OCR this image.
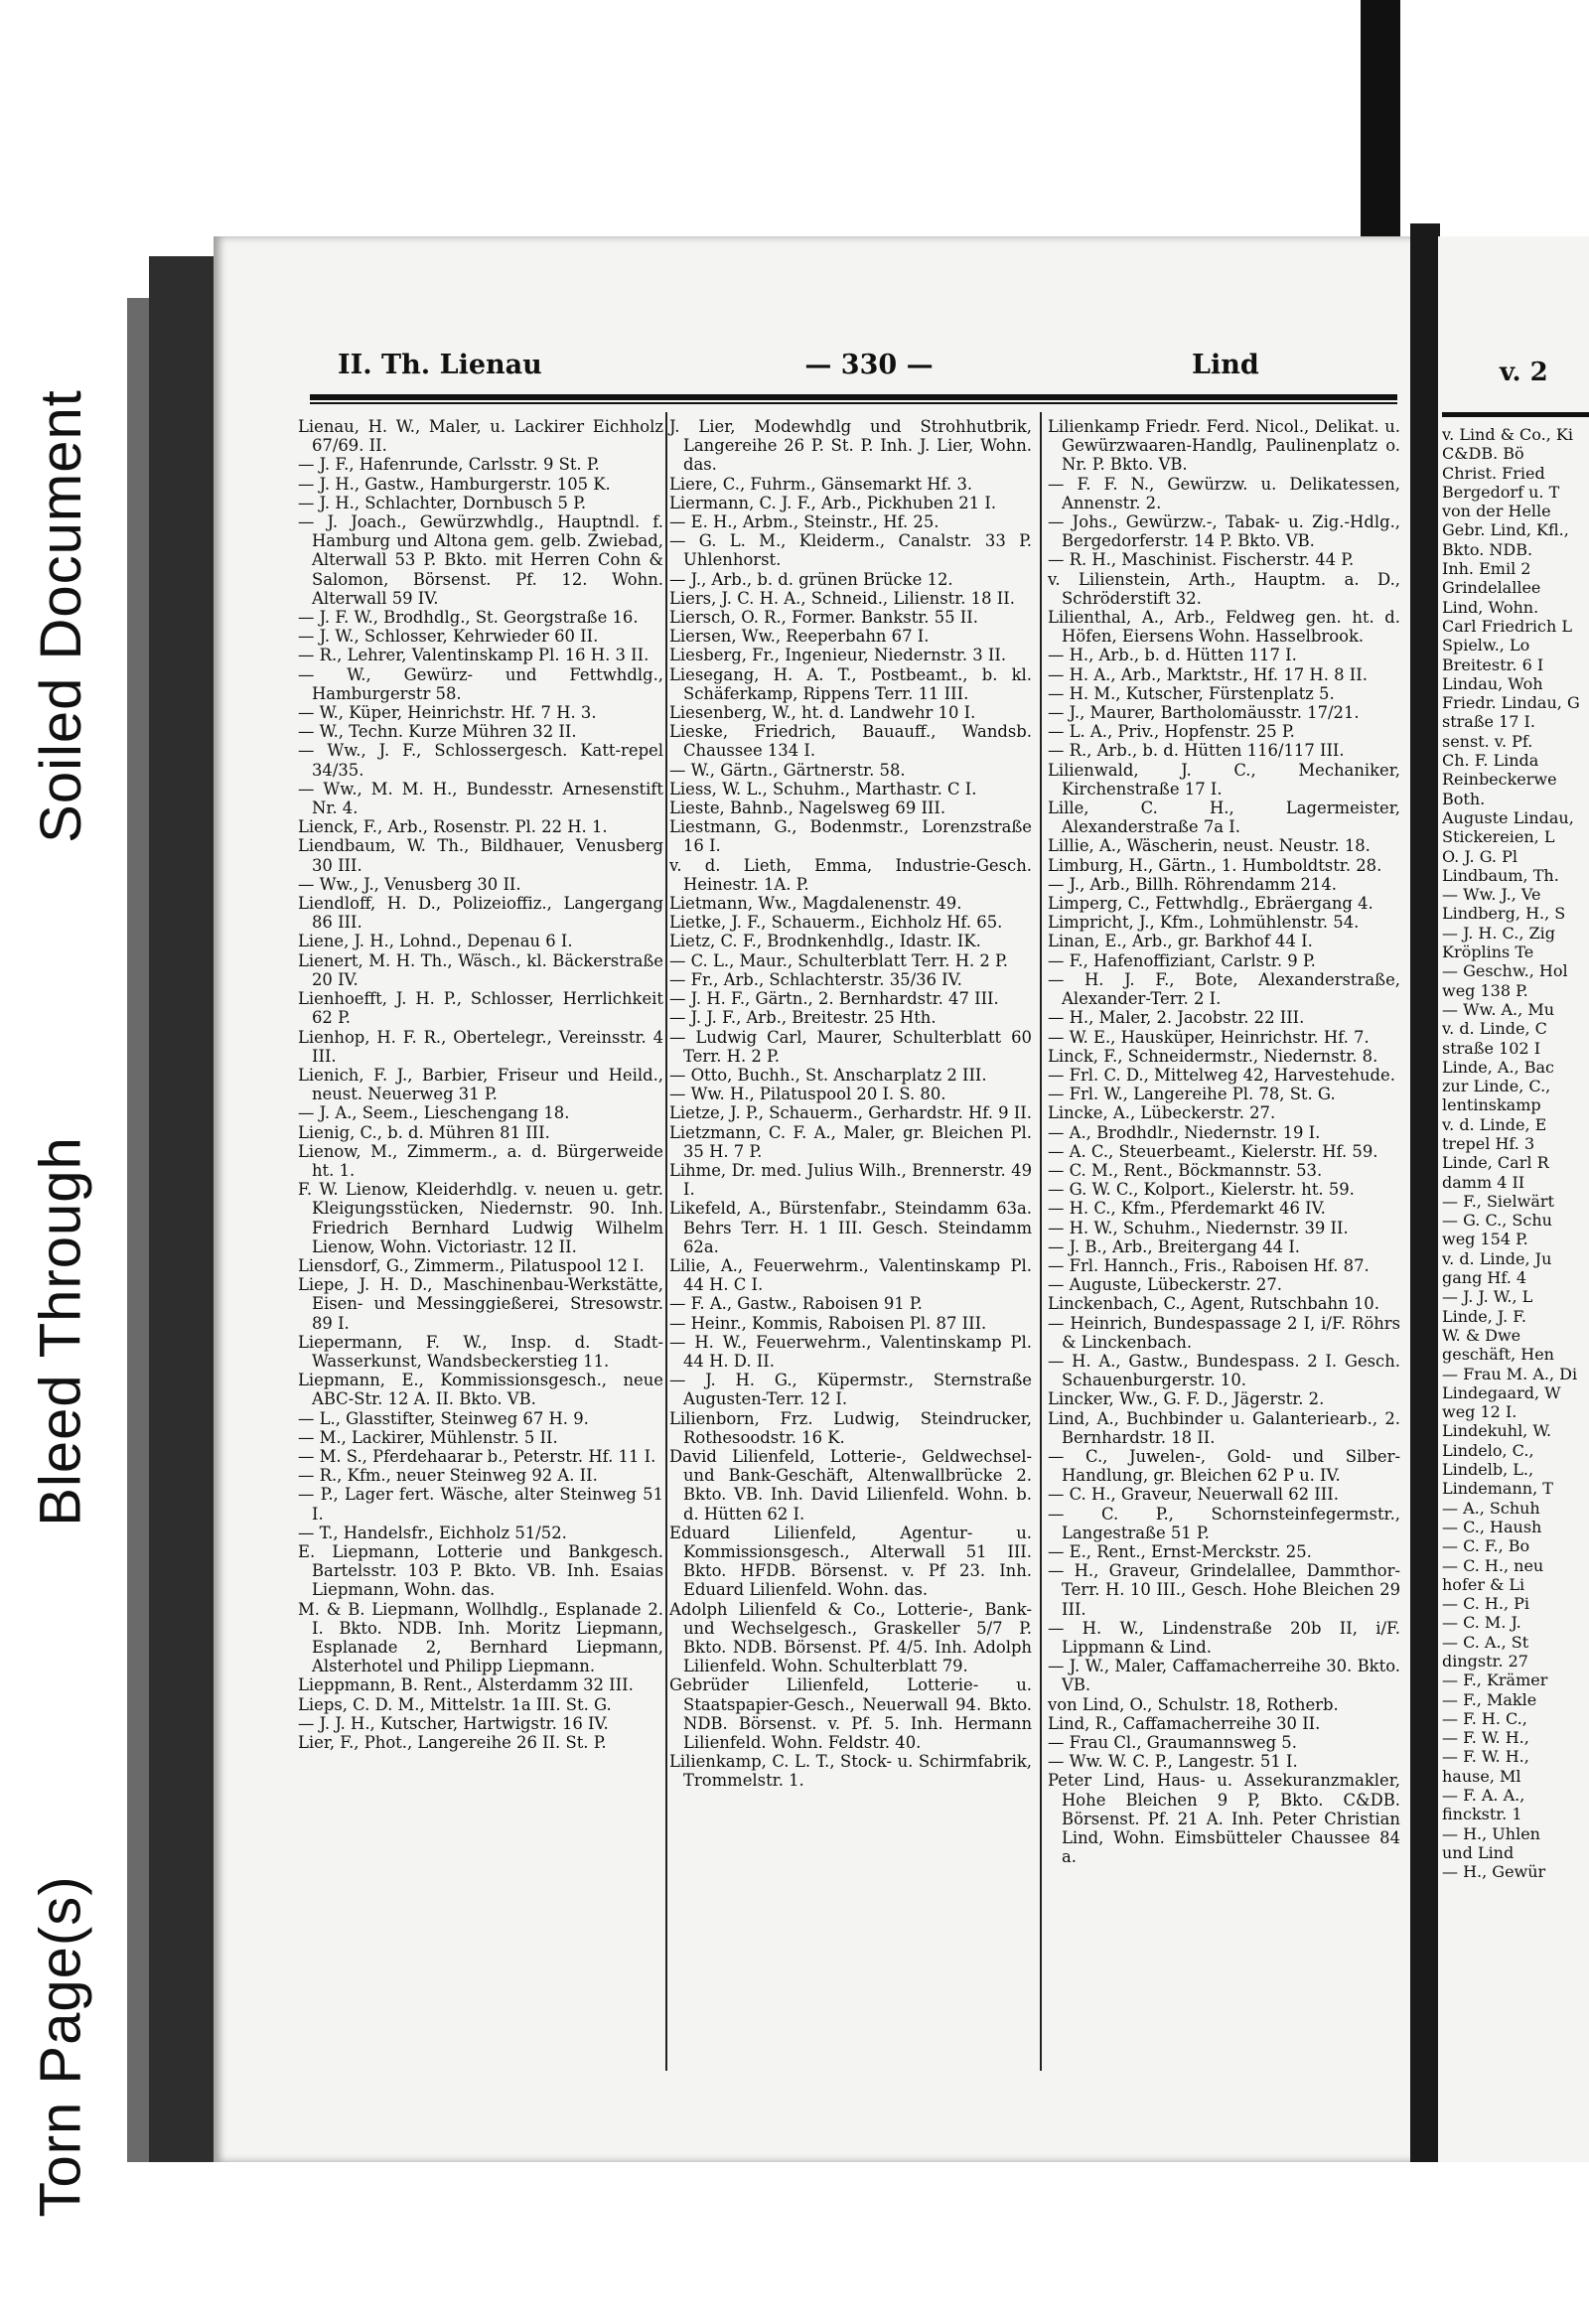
Soiled Document
Bleed Through
Torn Page(s)
II. Th. Lienau	— 330 —	Lind

Lienau, H. W., Maler, u. Lackirer Eichholz 67/69. II.

— J. F., Hafenrunde, Carlsstr. 9 St. P.

— J. H., Gastw., Hamburgerstr. 105 K.

— J. H., Schlachter, Dornbusch 5 P.

— J. Joach., Gewürzwhdlg., Hauptndl. f. Hamburg und Altona gem. gelb. Zwiebad, Alterwall 53 P. Bkto. mit Herren Cohn & Salomon, Börsenst. Pf. 12. Wohn. Alterwall 59 IV.

— J. F. W., Brodhdlg., St. Georgstraße 16.

— J. W., Schlosser, Kehrwieder 60 II.

— R., Lehrer, Valentinskamp Pl. 16 H. 3 II.

— W., Gewürz- und Fettwhdlg., Hamburgerstr 58.

— W., Küper, Heinrichstr. Hf. 7 H. 3.

— W., Techn. Kurze Mühren 32 II.

— Ww., J. F., Schlossergesch. Katt-repel 34/35.

— Ww., M. M. H., Bundesstr. Arnesenstift Nr. 4.

Lienck, F., Arb., Rosenstr. Pl. 22 H. 1.

Liendbaum, W. Th., Bildhauer, Venusberg 30 III.

— Ww., J., Venusberg 30 II.

Liendloff, H. D., Polizeioffiz., Langergang 86 III.

Liene, J. H., Lohnd., Depenau 6 I.

Lienert, M. H. Th., Wäsch., kl. Bäckerstraße 20 IV.

Lienhoefft, J. H. P., Schlosser, Herrlichkeit 62 P.

Lienhop, H. F. R., Obertelegr., Vereinsstr. 4 III.

Lienich, F. J., Barbier, Friseur und Heild., neust. Neuerweg 31 P.

— J. A., Seem., Lieschengang 18.

Lienig, C., b. d. Mühren 81 III.

Lienow, M., Zimmerm., a. d. Bürgerweide ht. 1.

F. W. Lienow, Kleiderhdlg. v. neuen u. getr. Kleigungsstücken, Niedernstr. 90. Inh. Friedrich Bernhard Ludwig Wilhelm Lienow, Wohn. Victoriastr. 12 II.

Liensdorf, G., Zimmerm., Pilatuspool 12 I.

Liepe, J. H. D., Maschinenbau-Werkstätte, Eisen- und Messinggießerei, Stresowstr. 89 I.

Liepermann, F. W., Insp. d. Stadt-Wasserkunst, Wandsbeckerstieg 11.

Liepmann, E., Kommissionsgesch., neue ABC-Str. 12 A. II. Bkto. VB.

— L., Glasstifter, Steinweg 67 H. 9.

— M., Lackirer, Mühlenstr. 5 II.

— M. S., Pferdehaarar b., Peterstr. Hf. 11 I.

— R., Kfm., neuer Steinweg 92 A. II.

— P., Lager fert. Wäsche, alter Steinweg 51 I.

— T., Handelsfr., Eichholz 51/52.

E. Liepmann, Lotterie und Bankgesch. Bartelsstr. 103 P. Bkto. VB. Inh. Esaias Liepmann, Wohn. das.

M. & B. Liepmann, Wollhdlg., Esplanade 2. I. Bkto. NDB. Inh. Moritz Liepmann, Esplanade 2, Bernhard Liepmann, Alsterhotel und Philipp Liepmann.

Lieppmann, B. Rent., Alsterdamm 32 III.

Lieps, C. D. M., Mittelstr. 1a III. St. G.

— J. J. H., Kutscher, Hartwigstr. 16 IV.

Lier, F., Phot., Langereihe 26 II. St. P.

J. Lier, Modewhdlg und Strohhutbrik, Langereihe 26 P. St. P. Inh. J. Lier, Wohn. das.

Liere, C., Fuhrm., Gänsemarkt Hf. 3.

Liermann, C. J. F., Arb., Pickhuben 21 I.

— E. H., Arbm., Steinstr., Hf. 25.

— G. L. M., Kleiderm., Canalstr. 33 P. Uhlenhorst.

— J., Arb., b. d. grünen Brücke 12.

Liers, J. C. H. A., Schneid., Lilienstr. 18 II.

Liersch, O. R., Former. Bankstr. 55 II.

Liersen, Ww., Reeperbahn 67 I.

Liesberg, Fr., Ingenieur, Niedernstr. 3 II.

Liesegang, H. A. T., Postbeamt., b. kl. Schäferkamp, Rippens Terr. 11 III.

Liesenberg, W., ht. d. Landwehr 10 I.

Lieske, Friedrich, Bauauff., Wandsb. Chaussee 134 I.

— W., Gärtn., Gärtnerstr. 58.

Liess, W. L., Schuhm., Marthastr. C I.

Lieste, Bahnb., Nagelsweg 69 III.

Liestmann, G., Bodenmstr., Lorenzstraße 16 I.

v. d. Lieth, Emma, Industrie-Gesch. Heinestr. 1A. P.

Lietmann, Ww., Magdalenenstr. 49.

Lietke, J. F., Schauerm., Eichholz Hf. 65.

Lietz, C. F., Brodnkenhdlg., Idastr. IK.

— C. L., Maur., Schulterblatt Terr. H. 2 P.

— Fr., Arb., Schlachterstr. 35/36 IV.

— J. H. F., Gärtn., 2. Bernhardstr. 47 III.

— J. J. F., Arb., Breitestr. 25 Hth.

— Ludwig Carl, Maurer, Schulterblatt 60 Terr. H. 2 P.

— Otto, Buchh., St. Anscharplatz 2 III.

— Ww. H., Pilatuspool 20 I. S. 80.

Lietze, J. P., Schauerm., Gerhardstr. Hf. 9 II.

Lietzmann, C. F. A., Maler, gr. Bleichen Pl. 35 H. 7 P.

Lihme, Dr. med. Julius Wilh., Brennerstr. 49 I.

Likefeld, A., Bürstenfabr., Steindamm 63a. Behrs Terr. H. 1 III. Gesch. Steindamm 62a.

Lilie, A., Feuerwehrm., Valentinskamp Pl. 44 H. C I.

— F. A., Gastw., Raboisen 91 P.

— Heinr., Kommis, Raboisen Pl. 87 III.

— H. W., Feuerwehrm., Valentinskamp Pl. 44 H. D. II.

— J. H. G., Küpermstr., Sternstraße Augusten-Terr. 12 I.

Lilienborn, Frz. Ludwig, Steindrucker, Rothesoodstr. 16 K.

David Lilienfeld, Lotterie-, Geldwechsel- und Bank-Geschäft, Altenwallbrücke 2. Bkto. VB. Inh. David Lilienfeld. Wohn. b. d. Hütten 62 I.

Eduard Lilienfeld, Agentur- u. Kommissionsgesch., Alterwall 51 III. Bkto. HFDB. Börsenst. v. Pf 23. Inh. Eduard Lilienfeld. Wohn. das.

Adolph Lilienfeld & Co., Lotterie-, Bank- und Wechselgesch., Graskeller 5/7 P. Bkto. NDB. Börsenst. Pf. 4/5. Inh. Adolph Lilienfeld. Wohn. Schulterblatt 79.

Gebrüder Lilienfeld, Lotterie- u. Staatspapier-Gesch., Neuerwall 94. Bkto. NDB. Börsenst. v. Pf. 5. Inh. Hermann Lilienfeld. Wohn. Feldstr. 40.

Lilienkamp, C. L. T., Stock- u. Schirmfabrik, Trommelstr. 1.

Lilienkamp Friedr. Ferd. Nicol., Delikat. u. Gewürzwaaren-Handlg, Paulinenplatz o. Nr. P. Bkto. VB.

— F. F. N., Gewürzw. u. Delikatessen, Annenstr. 2.

— Johs., Gewürzw.-, Tabak- u. Zig.-Hdlg., Bergedorferstr. 14 P. Bkto. VB.

— R. H., Maschinist. Fischerstr. 44 P.

v. Lilienstein, Arth., Hauptm. a. D., Schröderstift 32.

Lilienthal, A., Arb., Feldweg gen. ht. d. Höfen, Eiersens Wohn. Hasselbrook.

— H., Arb., b. d. Hütten 117 I.

— H. A., Arb., Marktstr., Hf. 17 H. 8 II.

— H. M., Kutscher, Fürstenplatz 5.

— J., Maurer, Bartholomäusstr. 17/21.

— L. A., Priv., Hopfenstr. 25 P.

— R., Arb., b. d. Hütten 116/117 III.

Lilienwald, J. C., Mechaniker, Kirchenstraße 17 I.

Lille, C. H., Lagermeister, Alexanderstraße 7a I.

Lillie, A., Wäscherin, neust. Neustr. 18.

Limburg, H., Gärtn., 1. Humboldtstr. 28.

— J., Arb., Billh. Röhrendamm 214.

Limperg, C., Fettwhdlg., Ebräergang 4.

Limpricht, J., Kfm., Lohmühlenstr. 54.

Linan, E., Arb., gr. Barkhof 44 I.

— F., Hafenoffiziant, Carlstr. 9 P.

— H. J. F., Bote, Alexanderstraße, Alexander-Terr. 2 I.

— H., Maler, 2. Jacobstr. 22 III.

— W. E., Hausküper, Heinrichstr. Hf. 7.

Linck, F., Schneidermstr., Niedernstr. 8.

— Frl. C. D., Mittelweg 42, Harvestehude.

— Frl. W., Langereihe Pl. 78, St. G.

Lincke, A., Lübeckerstr. 27.

— A., Brodhdlr., Niedernstr. 19 I.

— A. C., Steuerbeamt., Kielerstr. Hf. 59.

— C. M., Rent., Böckmannstr. 53.

— G. W. C., Kolport., Kielerstr. ht. 59.

— H. C., Kfm., Pferdemarkt 46 IV.

— H. W., Schuhm., Niedernstr. 39 II.

— J. B., Arb., Breitergang 44 I.

— Frl. Hannch., Fris., Raboisen Hf. 87.

— Auguste, Lübeckerstr. 27.

Linckenbach, C., Agent, Rutschbahn 10.

— Heinrich, Bundespassage 2 I, i/F. Röhrs & Linckenbach.

— H. A., Gastw., Bundespass. 2 I. Gesch. Schauenburgerstr. 10.

Lincker, Ww., G. F. D., Jägerstr. 2.

Lind, A., Buchbinder u. Galanteriearb., 2. Bernhardstr. 18 II.

— C., Juwelen-, Gold- und Silber-Handlung, gr. Bleichen 62 P u. IV.

— C. H., Graveur, Neuerwall 62 III.

— C. P., Schornsteinfegermstr., Langestraße 51 P.

— E., Rent., Ernst-Merckstr. 25.

— H., Graveur, Grindelallee, Dammthor-Terr. H. 10 III., Gesch. Hohe Bleichen 29 III.

— H. W., Lindenstraße 20b II, i/F. Lippmann & Lind.

— J. W., Maler, Caffamacherreihe 30. Bkto. VB.

von Lind, O., Schulstr. 18, Rotherb.

Lind, R., Caffamacherreihe 30 II.

— Frau Cl., Graumannsweg 5.

— Ww. W. C. P., Langestr. 51 I.

Peter Lind, Haus- u. Assekuranzmakler, Hohe Bleichen 9 P, Bkto. C&DB. Börsenst. Pf. 21 A. Inh. Peter Christian Lind, Wohn. Eimsbütteler Chaussee 84 a.

v. 2

v. Lind & Co., Ki

C&DB. Bö

Christ. Fried

Bergedorf u. T

von der Helle

Gebr. Lind, Kfl.,

Bkto. NDB.

Inh. Emil 2

Grindelallee

Lind, Wohn.

Carl Friedrich L

Spielw., Lo

Breitestr. 6 I

Lindau, Woh

Friedr. Lindau, G

straße 17 I.

senst. v. Pf.

Ch. F. Linda

Reinbeckerwe

Both.

Auguste Lindau,

Stickereien, L

O. J. G. Pl

Lindbaum, Th.

— Ww. J., Ve

Lindberg, H., S

— J. H. C., Zig

Kröplins Te

— Geschw., Hol

weg 138 P.

— Ww. A., Mu

v. d. Linde, C

straße 102 I

Linde, A., Bac

zur Linde, C.,

lentinskamp

v. d. Linde, E

trepel Hf. 3

Linde, Carl R

damm 4 II

— F., Sielwärt

— G. C., Schu

weg 154 P.

v. d. Linde, Ju

gang Hf. 4

— J. J. W., L

Linde, J. F.

W. & Dwe

geschäft, Hen

— Frau M. A., Di

Lindegaard, W

weg 12 I.

Lindekuhl, W.

Lindelo, C.,

Lindelb, L.,

Lindemann, T

— A., Schuh

— C., Haush

— C. F., Bo

— C. H., neu

hofer & Li

— C. H., Pi

— C. M. J.

— C. A., St

dingstr. 27

— F., Krämer

— F., Makle

— F. H. C.,

— F. W. H.,

— F. W. H.,

hause, Ml

— F. A. A.,

finckstr. 1

— H., Uhlen

und Lind

— H., Gewür
